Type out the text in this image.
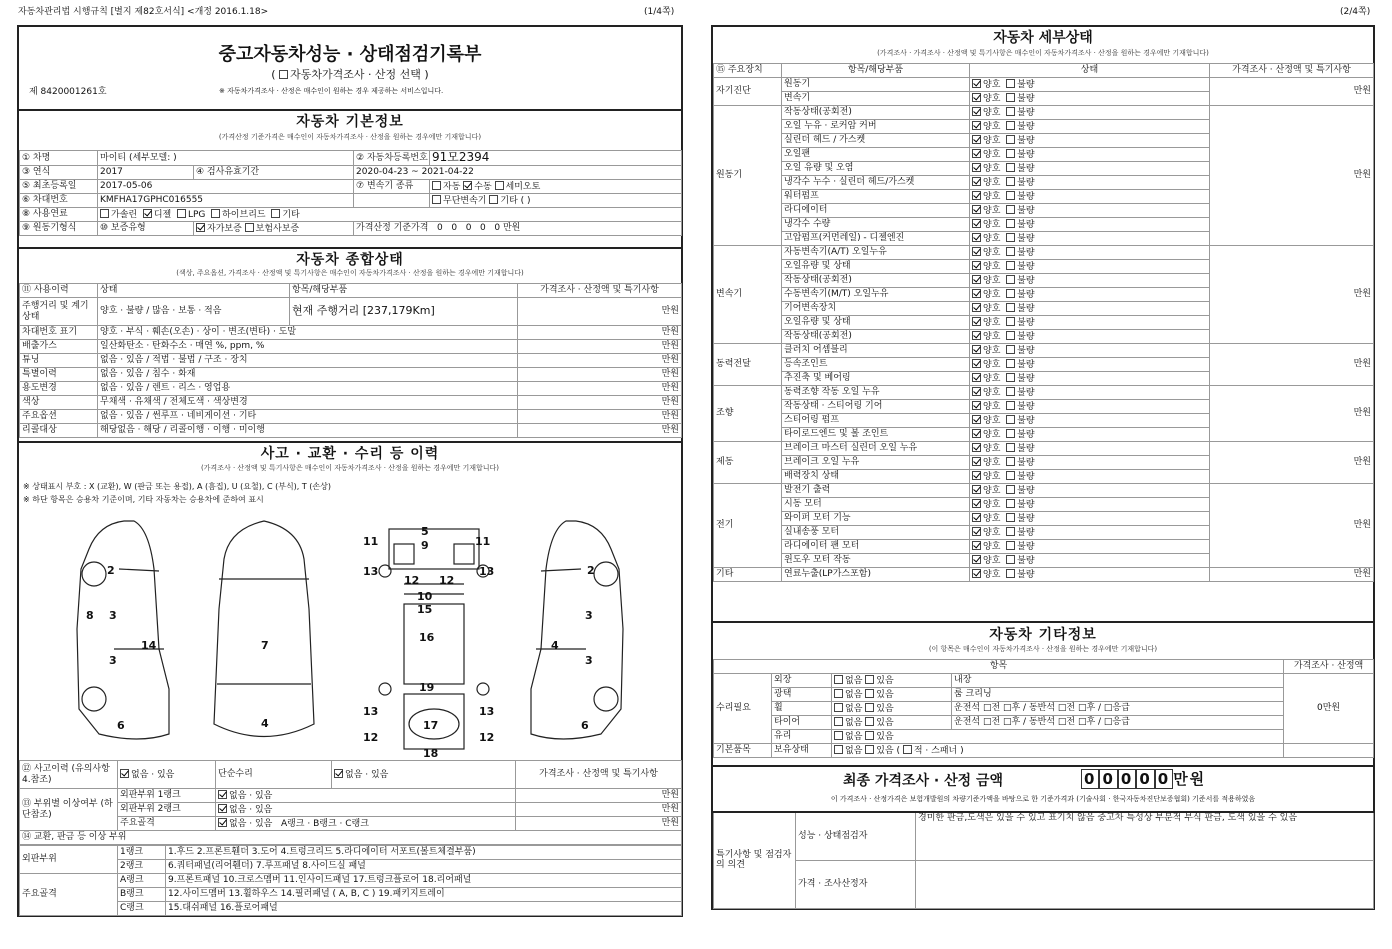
자동차관리법 시행규칙 [별지 제82호서식] <개정 2016.1.18>	(1/4쪽)	(2/4쪽)
중고자동차성능 · 상태점검기록부
( 자동차가격조사 · 산정 선택 )
제 8420001261호	※ 자동차가격조사 · 산정은 매수인이 원하는 경우 제공하는 서비스입니다.
자동차 기본정보
(가격산정 기준가격은 매수인이 자동차가격조사 · 산정을 원하는 경우에만 기재합니다)
① 차명	마이티 (세부모델: )		② 자동차등록번호	91모2394
③ 연식	2017	④ 검사유효기간	2020-04-23 ~ 2021-04-22	
⑤ 최초등록일	2017-05-06		⑦ 변속기 종류	자동 수동 세미오토
⑥ 차대번호	KMFHA17GPHC016555			무단변속기 기타 ( )
⑧ 사용연료	가솔린 디젤 LPG 하이브리드 기타			
⑨ 원동기형식	⑩ 보증유형	자가보증 보험사보증	가격산정 기준가격 0 0 0 0 0 만원	
자동차 종합상태
(색상, 주요옵션, 가격조사 · 산정액 및 특기사항은 매수인이 자동차가격조사 · 산정을 원하는 경우에만 기재합니다)
⑪ 사용이력	상태	항목/해당부품	가격조사 · 산정액 및 특기사항
주행거리 및 계기상태	양호 · 불량 / 많음 · 보통 · 적음	현재 주행거리 [237,179Km]	만원
차대번호 표기	양호 · 부식 · 훼손(오손) · 상이 · 변조(변타) · 도말		만원
배출가스	일산화탄소 · 탄화수소 · 매연 %, ppm, %		만원
튜닝	없음 · 있음 / 적법 · 불법 / 구조 · 장치		만원
특별이력	없음 · 있음 / 침수 · 화재		만원
용도변경	없음 · 있음 / 렌트 · 리스 · 영업용		만원
색상	무채색 · 유채색 / 전체도색 · 색상변경		만원
주요옵션	없음 · 있음 / 썬루프 · 네비게이션 · 기타		만원
리콜대상	해당없음 · 해당 / 리콜이행 · 이행 · 미이행		만원
사고 · 교환 · 수리 등 이력
(가격조사 · 산정액 및 특기사항은 매수인이 자동차가격조사 · 산정을 원하는 경우에만 기재합니다)
※ 상태표시 부호 : X (교환), W (판금 또는 용접), A (흠집), U (요철), C (부식), T (손상)
※ 하단 항목은 승용차 기준이며, 기타 자동차는 승용차에 준하여 표시
2
3
8
3
14
6
7
4
5
9
11	11
12 12
13	13
10
15
16
19
13	13
12	12
17
18
2
3
4
3
6
⑫ 사고이력 (유의사항 4.참조)	없음 · 있음	단순수리	없음 · 있음	가격조사 · 산정액 및 특기사항
⑬ 부위별 이상여부 (하단참조)	외판부위 1랭크	없음 · 있음		만원
	외판부위 2랭크	없음 · 있음		만원
	주요골격	없음 · 있음 A랭크 · B랭크 · C랭크		만원
⑭ 교환, 판금 등 이상 부위				
외판부위	1랭크	1.후드 2.프론트휀더 3.도어 4.트렁크리드 5.라디에이터 서포트(볼트체결부품)
	2랭크	6.쿼터패널(리어휀더) 7.루프패널 8.사이드실 패널
주요골격	A랭크	9.프론트패널 10.크로스멤버 11.인사이드패널 17.트렁크플로어 18.리어패널
	B랭크	12.사이드멤버 13.휠하우스 14.필러패널 ( A, B, C ) 19.패키지트레이
	C랭크	15.대쉬패널 16.플로어패널
자동차 세부상태
(가격조사 · 가격조사 · 산정액 및 특기사항은 매수인이 자동차가격조사 · 산정을 원하는 경우에만 기재합니다)
⑮ 주요장치	항목/해당부품	상태	가격조사 · 산정액 및 특기사항
자기진단	원동기	양호  불량	만원
	변속기	양호  불량	
원동기	작동상태(공회전)	양호  불량	만원
	오일 누유 · 로커암 커버	양호  불량	
	실린더 헤드 / 가스켓	양호  불량	
	오일팬	양호  불량	
	오일 유량 및 오염	양호  불량	
	냉각수 누수 · 실린더 헤드/가스켓	양호  불량	
	워터펌프	양호  불량	
	라디에이터	양호  불량	
	냉각수 수량	양호  불량	
	고압펌프(커먼레일) - 디젤엔진	양호  불량	
변속기	자동변속기(A/T) 오일누유	양호  불량	만원
	오일유량 및 상태	양호  불량	
	작동상태(공회전)	양호  불량	
	수동변속기(M/T) 오일누유	양호  불량	
	기어변속장치	양호  불량	
	오일유량 및 상태	양호  불량	
	작동상태(공회전)	양호  불량	
동력전달	클러치 어셈블리	양호  불량	만원
	등속조인트	양호  불량	
	추진축 및 베어링	양호  불량	
조향	동력조향 작동 오일 누유	양호  불량	만원
	작동상태 · 스티어링 기어	양호  불량	
	스티어링 펌프	양호  불량	
	타이로드엔드 및 볼 조인트	양호  불량	
제동	브레이크 마스터 실린더 오일 누유	양호  불량	만원
	브레이크 오일 누유	양호  불량	
	배력장치 상태	양호  불량	
전기	발전기 출력	양호  불량	만원
	시동 모터	양호  불량	
	와이퍼 모터 기능	양호  불량	
	실내송풍 모터	양호  불량	
	라디에이터 팬 모터	양호  불량	
	윈도우 모터 작동	양호  불량	
기타	연료누출(LP가스포함)	양호  불량	만원
자동차 기타정보
(이 항목은 매수인이 자동차가격조사 · 산정을 원하는 경우에만 기재합니다)
항목				가격조사 · 산정액
수리필요	외장	없음 있음	내장	0만원
	광택	없음 있음	룸 크리닝	
	휠	없음 있음	운전석 □전 □후 / 동반석 □전 □후 / □응급	
	타이어	없음 있음	운전석 □전 □후 / 동반석 □전 □후 / □응급	
	유리	없음 있음		
기본품목	보유상태	없음 있음 ( 적 · 스패너 )		
최종 가격조사 · 산정 금액	0 0 0 0 0 만원
이 가격조사 · 산정가격은 보험개발원의 차량기준가액을 바탕으로 한 기준가격과 (기술사회 · 한국자동차진단보증협회) 기준서를 적용하였음
특기사항 및 점검자의 의견	성능 · 상태점검자	경미한 판금,도색은 있을 수 있고 표기치 않음 중고차 특성상 부분적 부식 판금, 도색 있을 수 있음
	가격 · 조사산정자	
